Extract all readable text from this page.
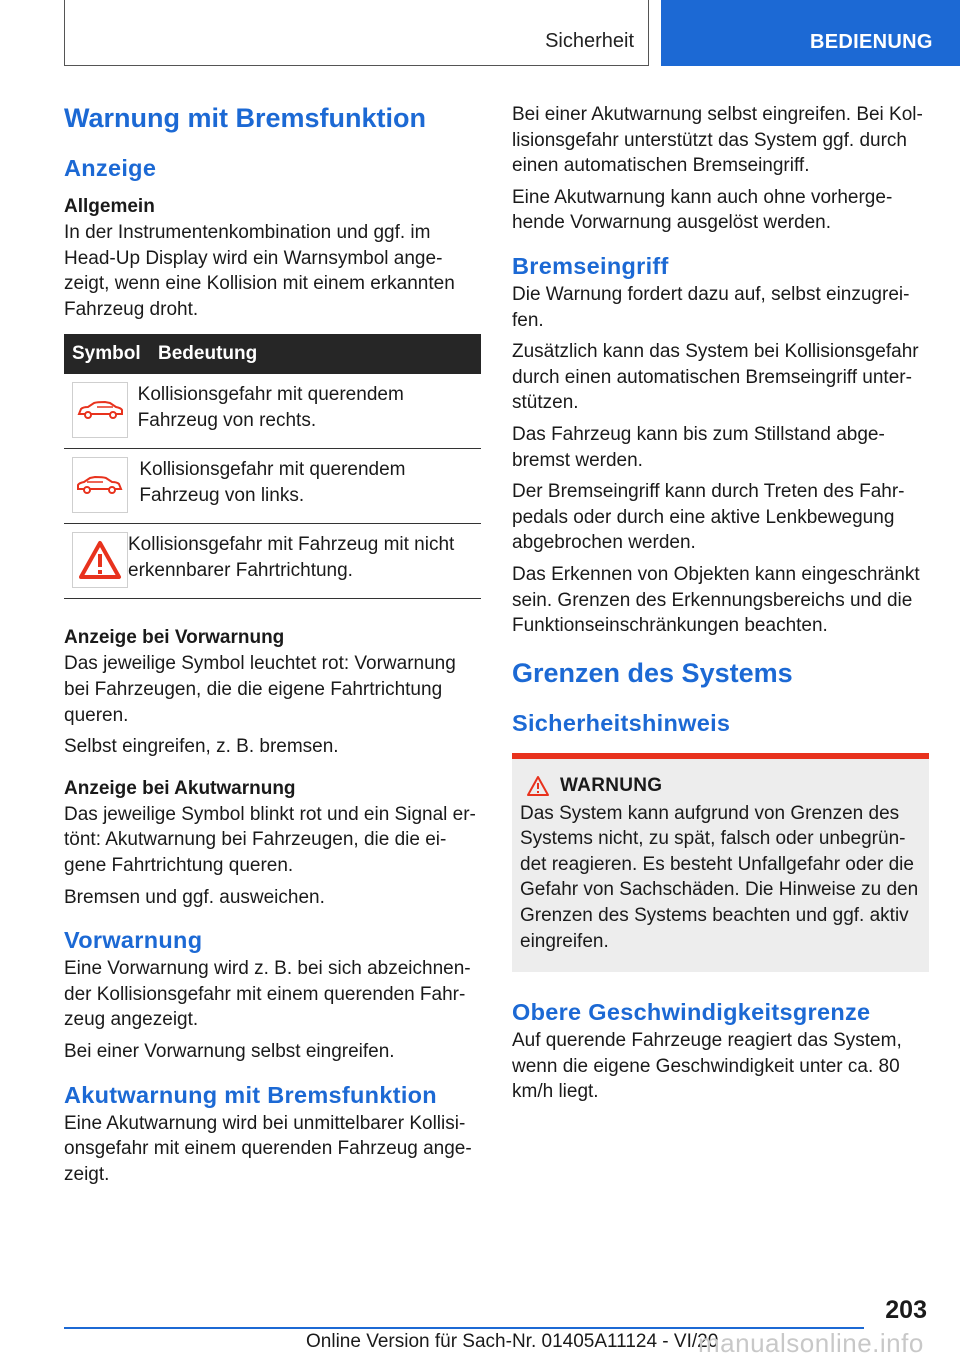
Sicherheit	BEDIENUNG
Warnung mit Bremsfunktion
Anzeige
Allgemein
In der Instrumentenkombination und ggf. im Head-Up Display wird ein Warnsymbol angezeigt, wenn eine Kollision mit einem erkannten Fahrzeug droht.
Symbol Bedeutung
Kollisionsgefahr mit querendem Fahrzeug von rechts.
Kollisionsgefahr mit querendem Fahrzeug von links.
Kollisionsgefahr mit Fahrzeug mit nicht erkennbarer Fahrtrichtung.
Anzeige bei Vorwarnung
Das jeweilige Symbol leuchtet rot: Vorwarnung bei Fahrzeugen, die die eigene Fahrtrichtung queren.
Selbst eingreifen, z. B. bremsen.
Anzeige bei Akutwarnung
Das jeweilige Symbol blinkt rot und ein Signal ertönt: Akutwarnung bei Fahrzeugen, die die eigene Fahrtrichtung queren.
Bremsen und ggf. ausweichen.
Vorwarnung
Eine Vorwarnung wird z. B. bei sich abzeichnender Kollisionsgefahr mit einem querenden Fahrzeug angezeigt.
Bei einer Vorwarnung selbst eingreifen.
Akutwarnung mit Bremsfunktion
Eine Akutwarnung wird bei unmittelbarer Kollisionsgefahr mit einem querenden Fahrzeug angezeigt.
Bei einer Akutwarnung selbst eingreifen. Bei Kollisionsgefahr unterstützt das System ggf. durch einen automatischen Bremseingriff.
Eine Akutwarnung kann auch ohne vorhergehende Vorwarnung ausgelöst werden.
Bremseingriff
Die Warnung fordert dazu auf, selbst einzugreifen.
Zusätzlich kann das System bei Kollisionsgefahr durch einen automatischen Bremseingriff unterstützen.
Das Fahrzeug kann bis zum Stillstand abgebremst werden.
Der Bremseingriff kann durch Treten des Fahrpedals oder durch eine aktive Lenkbewegung abgebrochen werden.
Das Erkennen von Objekten kann eingeschränkt sein. Grenzen des Erkennungsbereichs und die Funktionseinschränkungen beachten.
Grenzen des Systems
Sicherheitshinweis
WARNUNG
Das System kann aufgrund von Grenzen des Systems nicht, zu spät, falsch oder unbegründet reagieren. Es besteht Unfallgefahr oder die Gefahr von Sachschäden. Die Hinweise zu den Grenzen des Systems beachten und ggf. aktiv eingreifen.
Obere Geschwindigkeitsgrenze
Auf querende Fahrzeuge reagiert das System, wenn die eigene Geschwindigkeit unter ca. 80 km/h liegt.
203
Online Version für Sach-Nr. 01405A11124 - VI/20
manualsonline.info
